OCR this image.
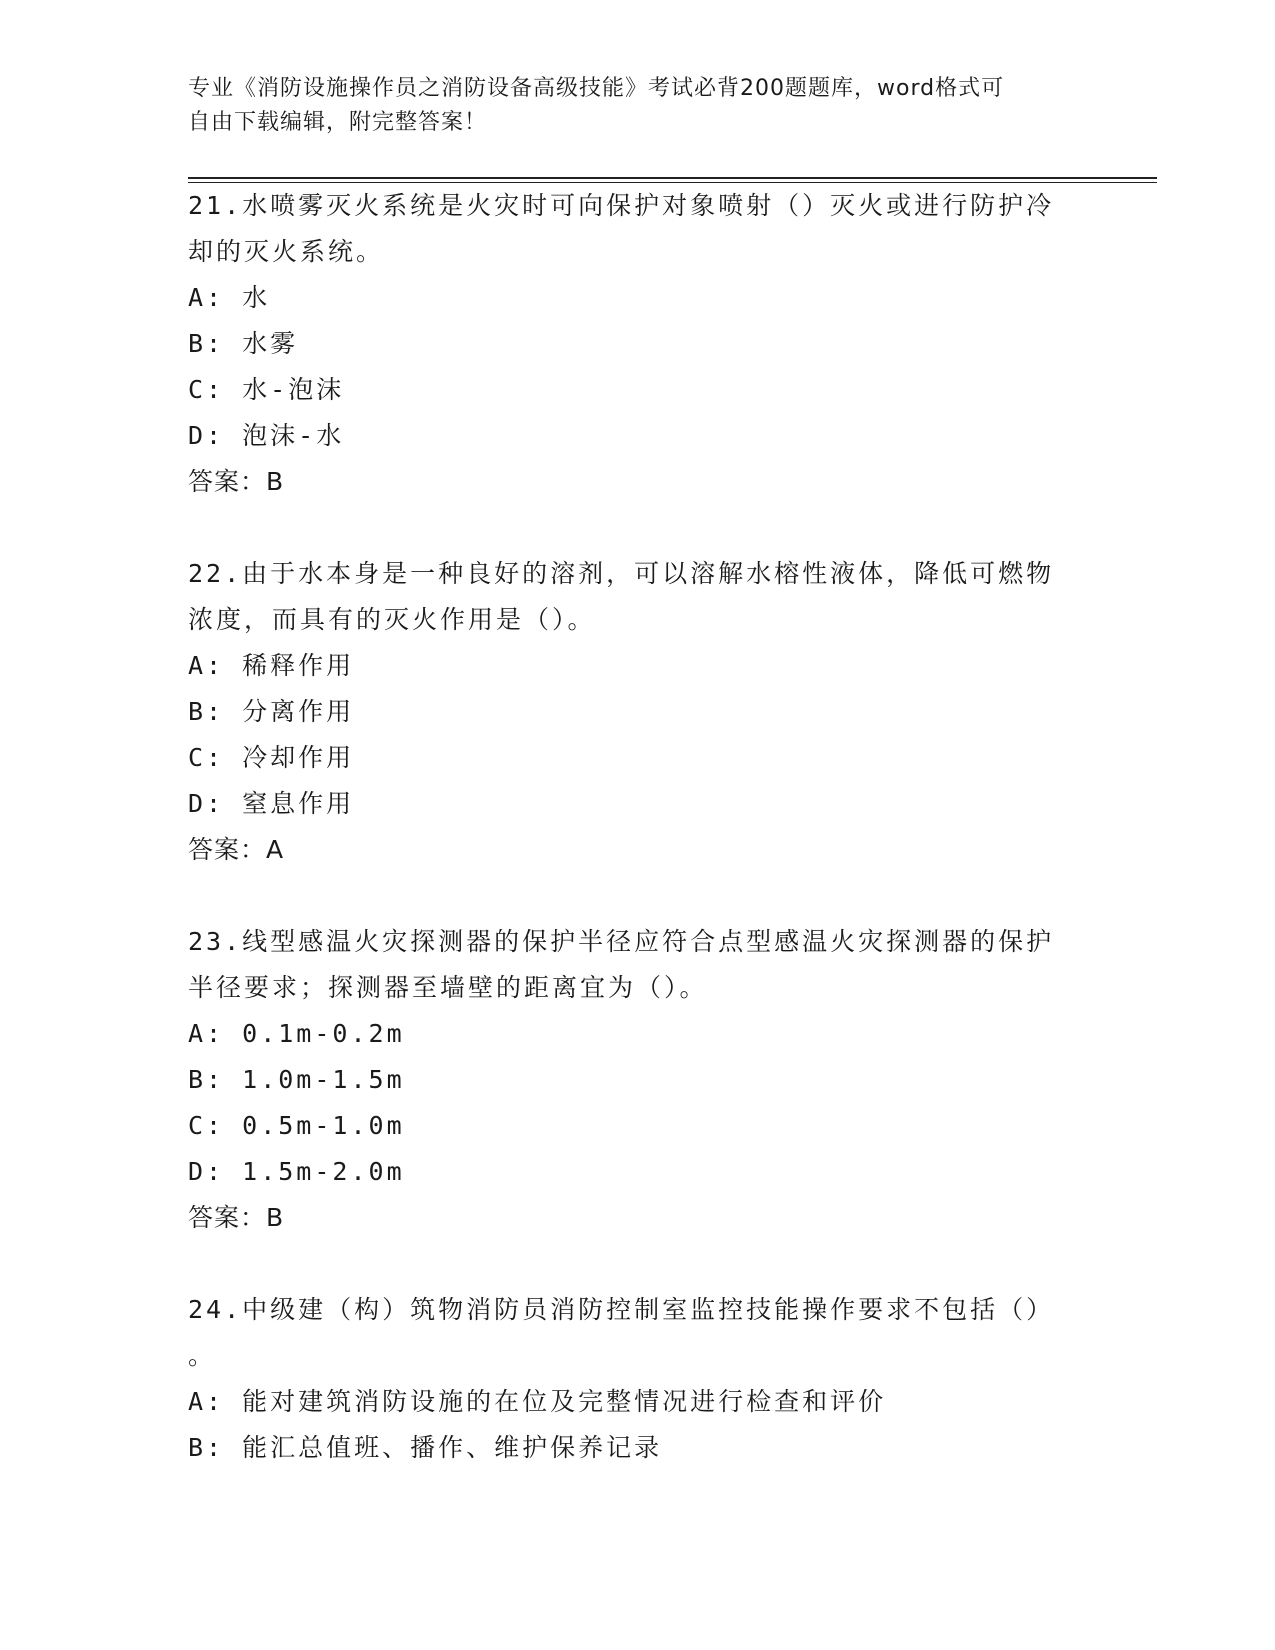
专业《消防设施操作员之消防设备高级技能》考试必背200题题库，word格式可
自由下载编辑，附完整答案！

21.水喷雾灭火系统是火灾时可向保护对象喷射（）灭火或进行防护冷

却的灭火系统。

A: 水

B: 水雾

C: 水-泡沫

D: 泡沫-水

答案：B

22.由于水本身是一种良好的溶剂，可以溶解水榕性液体，降低可燃物

浓度，而具有的灭火作用是（）。

A: 稀释作用

B: 分离作用

C: 冷却作用

D: 窒息作用

答案：A

23.线型感温火灾探测器的保护半径应符合点型感温火灾探测器的保护

半径要求；探测器至墙壁的距离宜为（）。

A: 0.1m-0.2m

B: 1.0m-1.5m

C: 0.5m-1.0m

D: 1.5m-2.0m

答案：B

24.中级建（构）筑物消防员消防控制室监控技能操作要求不包括（）

。

A: 能对建筑消防设施的在位及完整情况进行检查和评价

B: 能汇总值班、播作、维护保养记录
